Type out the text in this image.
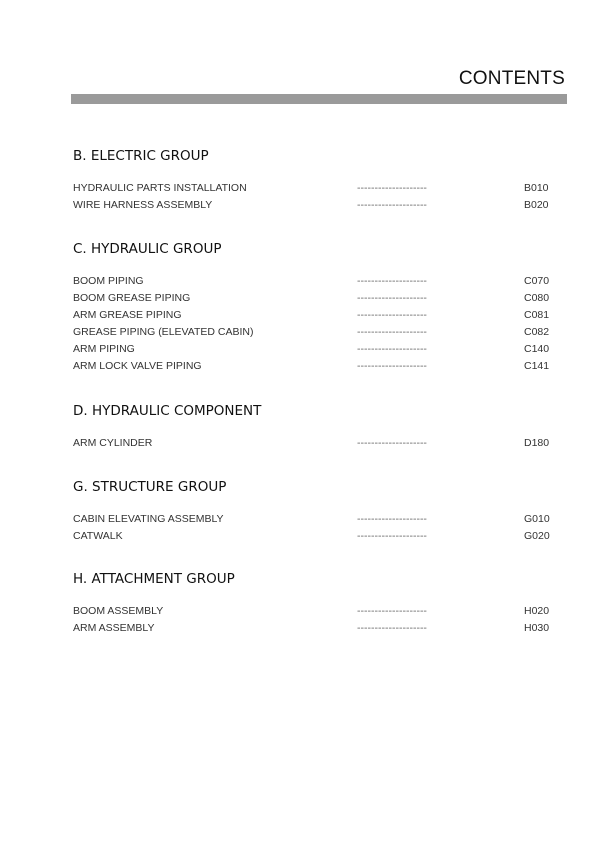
CONTENTS
B. ELECTRIC GROUP
HYDRAULIC PARTS INSTALLATION	--------------------	B010
WIRE HARNESS ASSEMBLY	--------------------	B020
C. HYDRAULIC GROUP
BOOM PIPING	--------------------	C070
BOOM GREASE PIPING	--------------------	C080
ARM GREASE PIPING	--------------------	C081
GREASE PIPING (ELEVATED CABIN)	--------------------	C082
ARM PIPING	--------------------	C140
ARM LOCK VALVE PIPING	--------------------	C141
D. HYDRAULIC COMPONENT
ARM CYLINDER	--------------------	D180
G. STRUCTURE GROUP
CABIN ELEVATING ASSEMBLY	--------------------	G010
CATWALK	--------------------	G020
H. ATTACHMENT GROUP
BOOM ASSEMBLY	--------------------	H020
ARM ASSEMBLY	--------------------	H030
